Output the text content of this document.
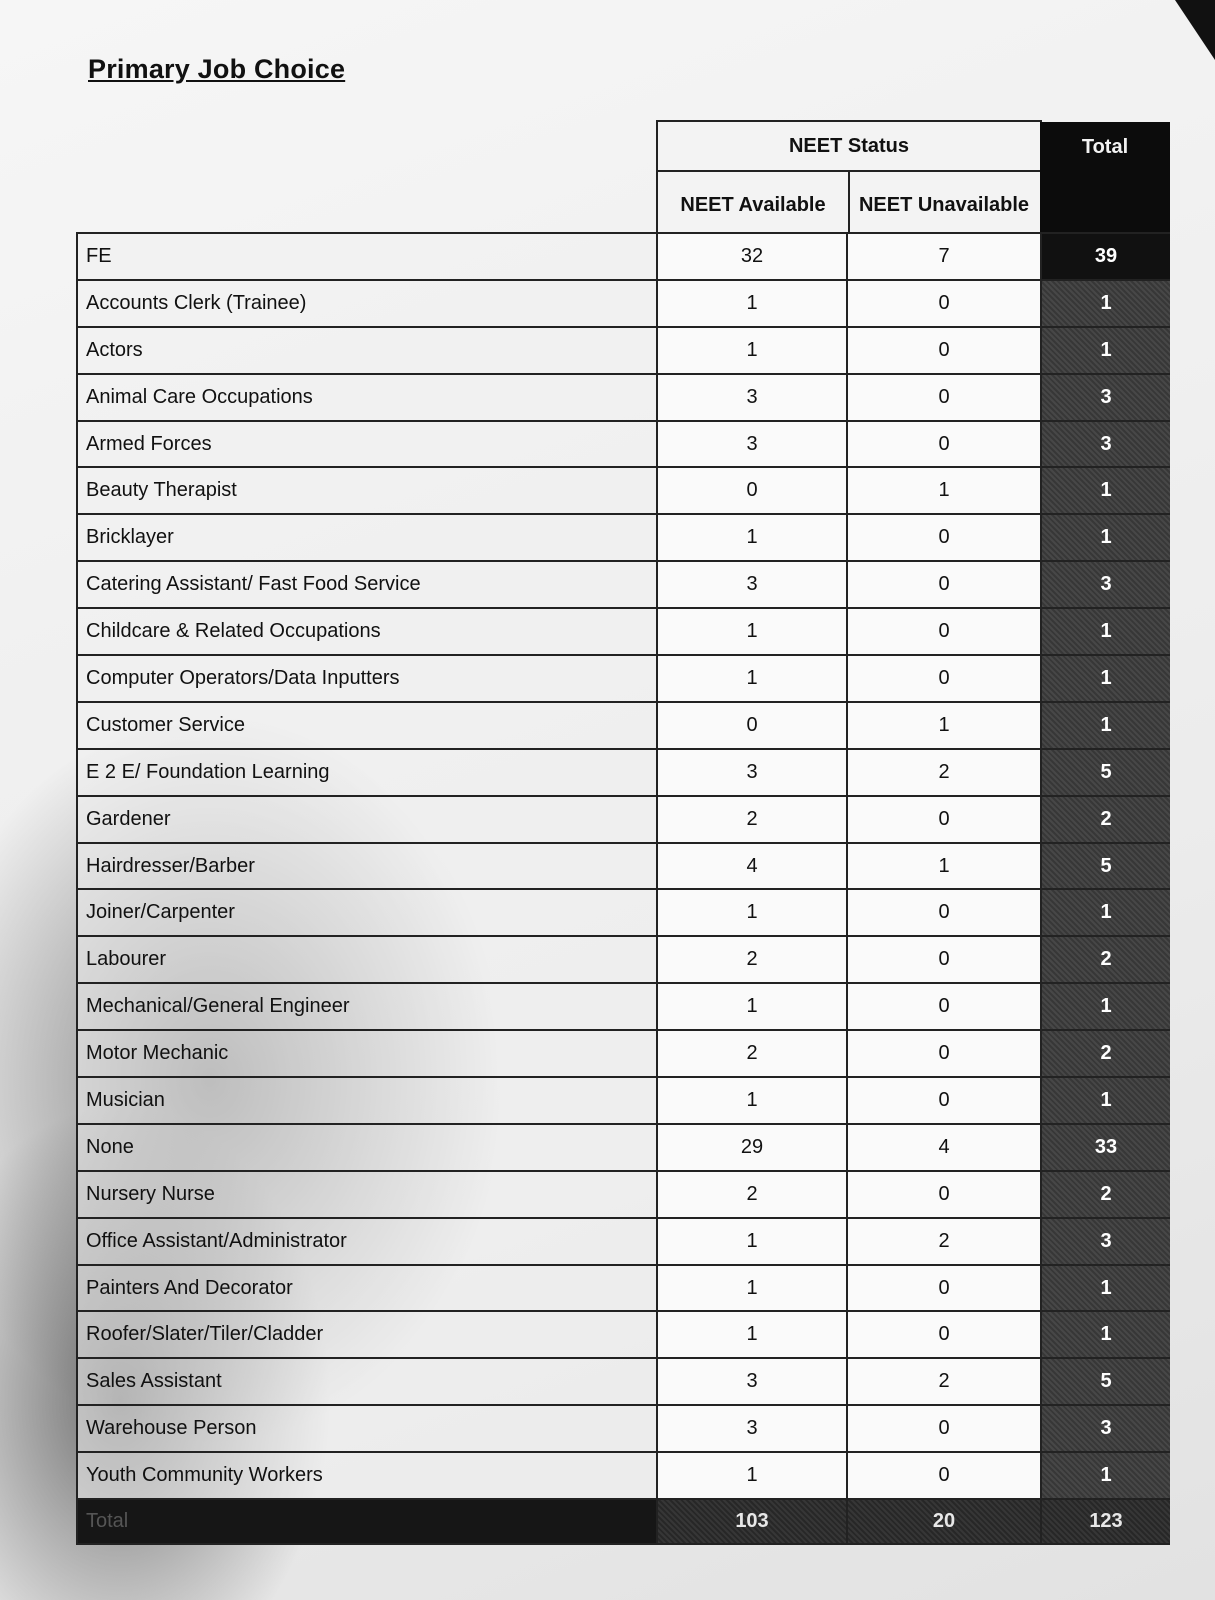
Primary Job Choice
NEET Status
NEET Available	NEET Unavailable
Total
FE	32	7	39
Accounts Clerk (Trainee)	1	0	1
Actors	1	0	1
Animal Care Occupations	3	0	3
Armed Forces	3	0	3
Beauty Therapist	0	1	1
Bricklayer	1	0	1
Catering Assistant/ Fast Food Service	3	0	3
Childcare & Related Occupations	1	0	1
Computer Operators/Data Inputters	1	0	1
Customer Service	0	1	1
E 2 E/ Foundation Learning	3	2	5
Gardener	2	0	2
Hairdresser/Barber	4	1	5
Joiner/Carpenter	1	0	1
Labourer	2	0	2
Mechanical/General Engineer	1	0	1
Motor Mechanic	2	0	2
Musician	1	0	1
None	29	4	33
Nursery Nurse	2	0	2
Office Assistant/Administrator	1	2	3
Painters And Decorator	1	0	1
Roofer/Slater/Tiler/Cladder	1	0	1
Sales Assistant	3	2	5
Warehouse Person	3	0	3
Youth Community Workers	1	0	1
Total	103	20	123
